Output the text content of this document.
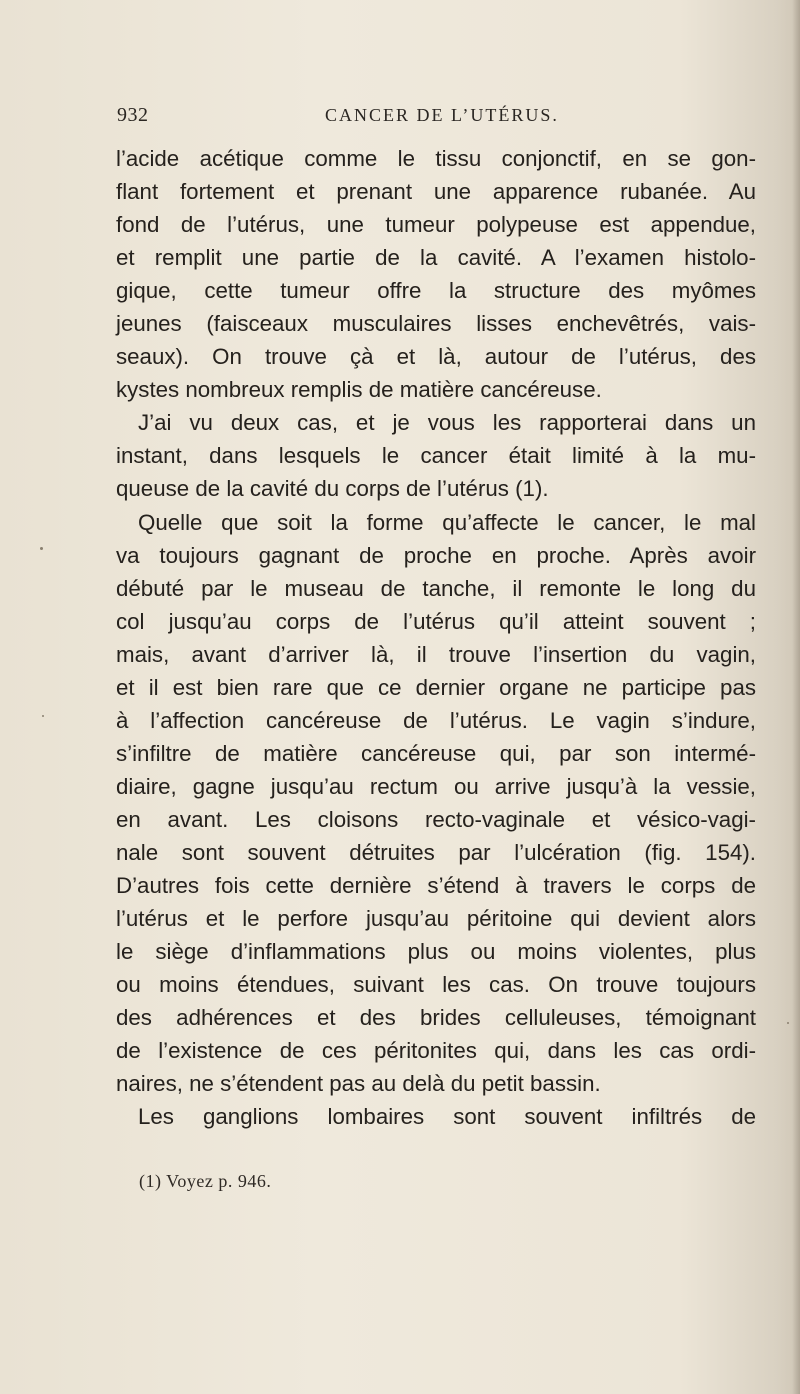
932	CANCER DE L’UTÉRUS.
l’acide acétique comme le tissu conjonctif, en se gon-
flant fortement et prenant une apparence rubanée. Au
fond de l’utérus, une tumeur polypeuse est appendue,
et remplit une partie de la cavité. A l’examen histolo-
gique, cette tumeur offre la structure des myômes
jeunes (faisceaux musculaires lisses enchevêtrés, vais-
seaux). On trouve çà et là, autour de l’utérus, des
kystes nombreux remplis de matière cancéreuse.
J’ai vu deux cas, et je vous les rapporterai dans un
instant, dans lesquels le cancer était limité à la mu-
queuse de la cavité du corps de l’utérus (1).
Quelle que soit la forme qu’affecte le cancer, le mal
va toujours gagnant de proche en proche. Après avoir
débuté par le museau de tanche, il remonte le long du
col jusqu’au corps de l’utérus qu’il atteint souvent ;
mais, avant d’arriver là, il trouve l’insertion du vagin,
et il est bien rare que ce dernier organe ne participe pas
à l’affection cancéreuse de l’utérus. Le vagin s’indure,
s’infiltre de matière cancéreuse qui, par son intermé-
diaire, gagne jusqu’au rectum ou arrive jusqu’à la vessie,
en avant. Les cloisons recto-vaginale et vésico-vagi-
nale sont souvent détruites par l’ulcération (fig. 154).
D’autres fois cette dernière s’étend à travers le corps de
l’utérus et le perfore jusqu’au péritoine qui devient alors
le siège d’inflammations plus ou moins violentes, plus
ou moins étendues, suivant les cas. On trouve toujours
des adhérences et des brides celluleuses, témoignant
de l’existence de ces péritonites qui, dans les cas ordi-
naires, ne s’étendent pas au delà du petit bassin.
Les ganglions lombaires sont souvent infiltrés de
(1) Voyez p. 946.
